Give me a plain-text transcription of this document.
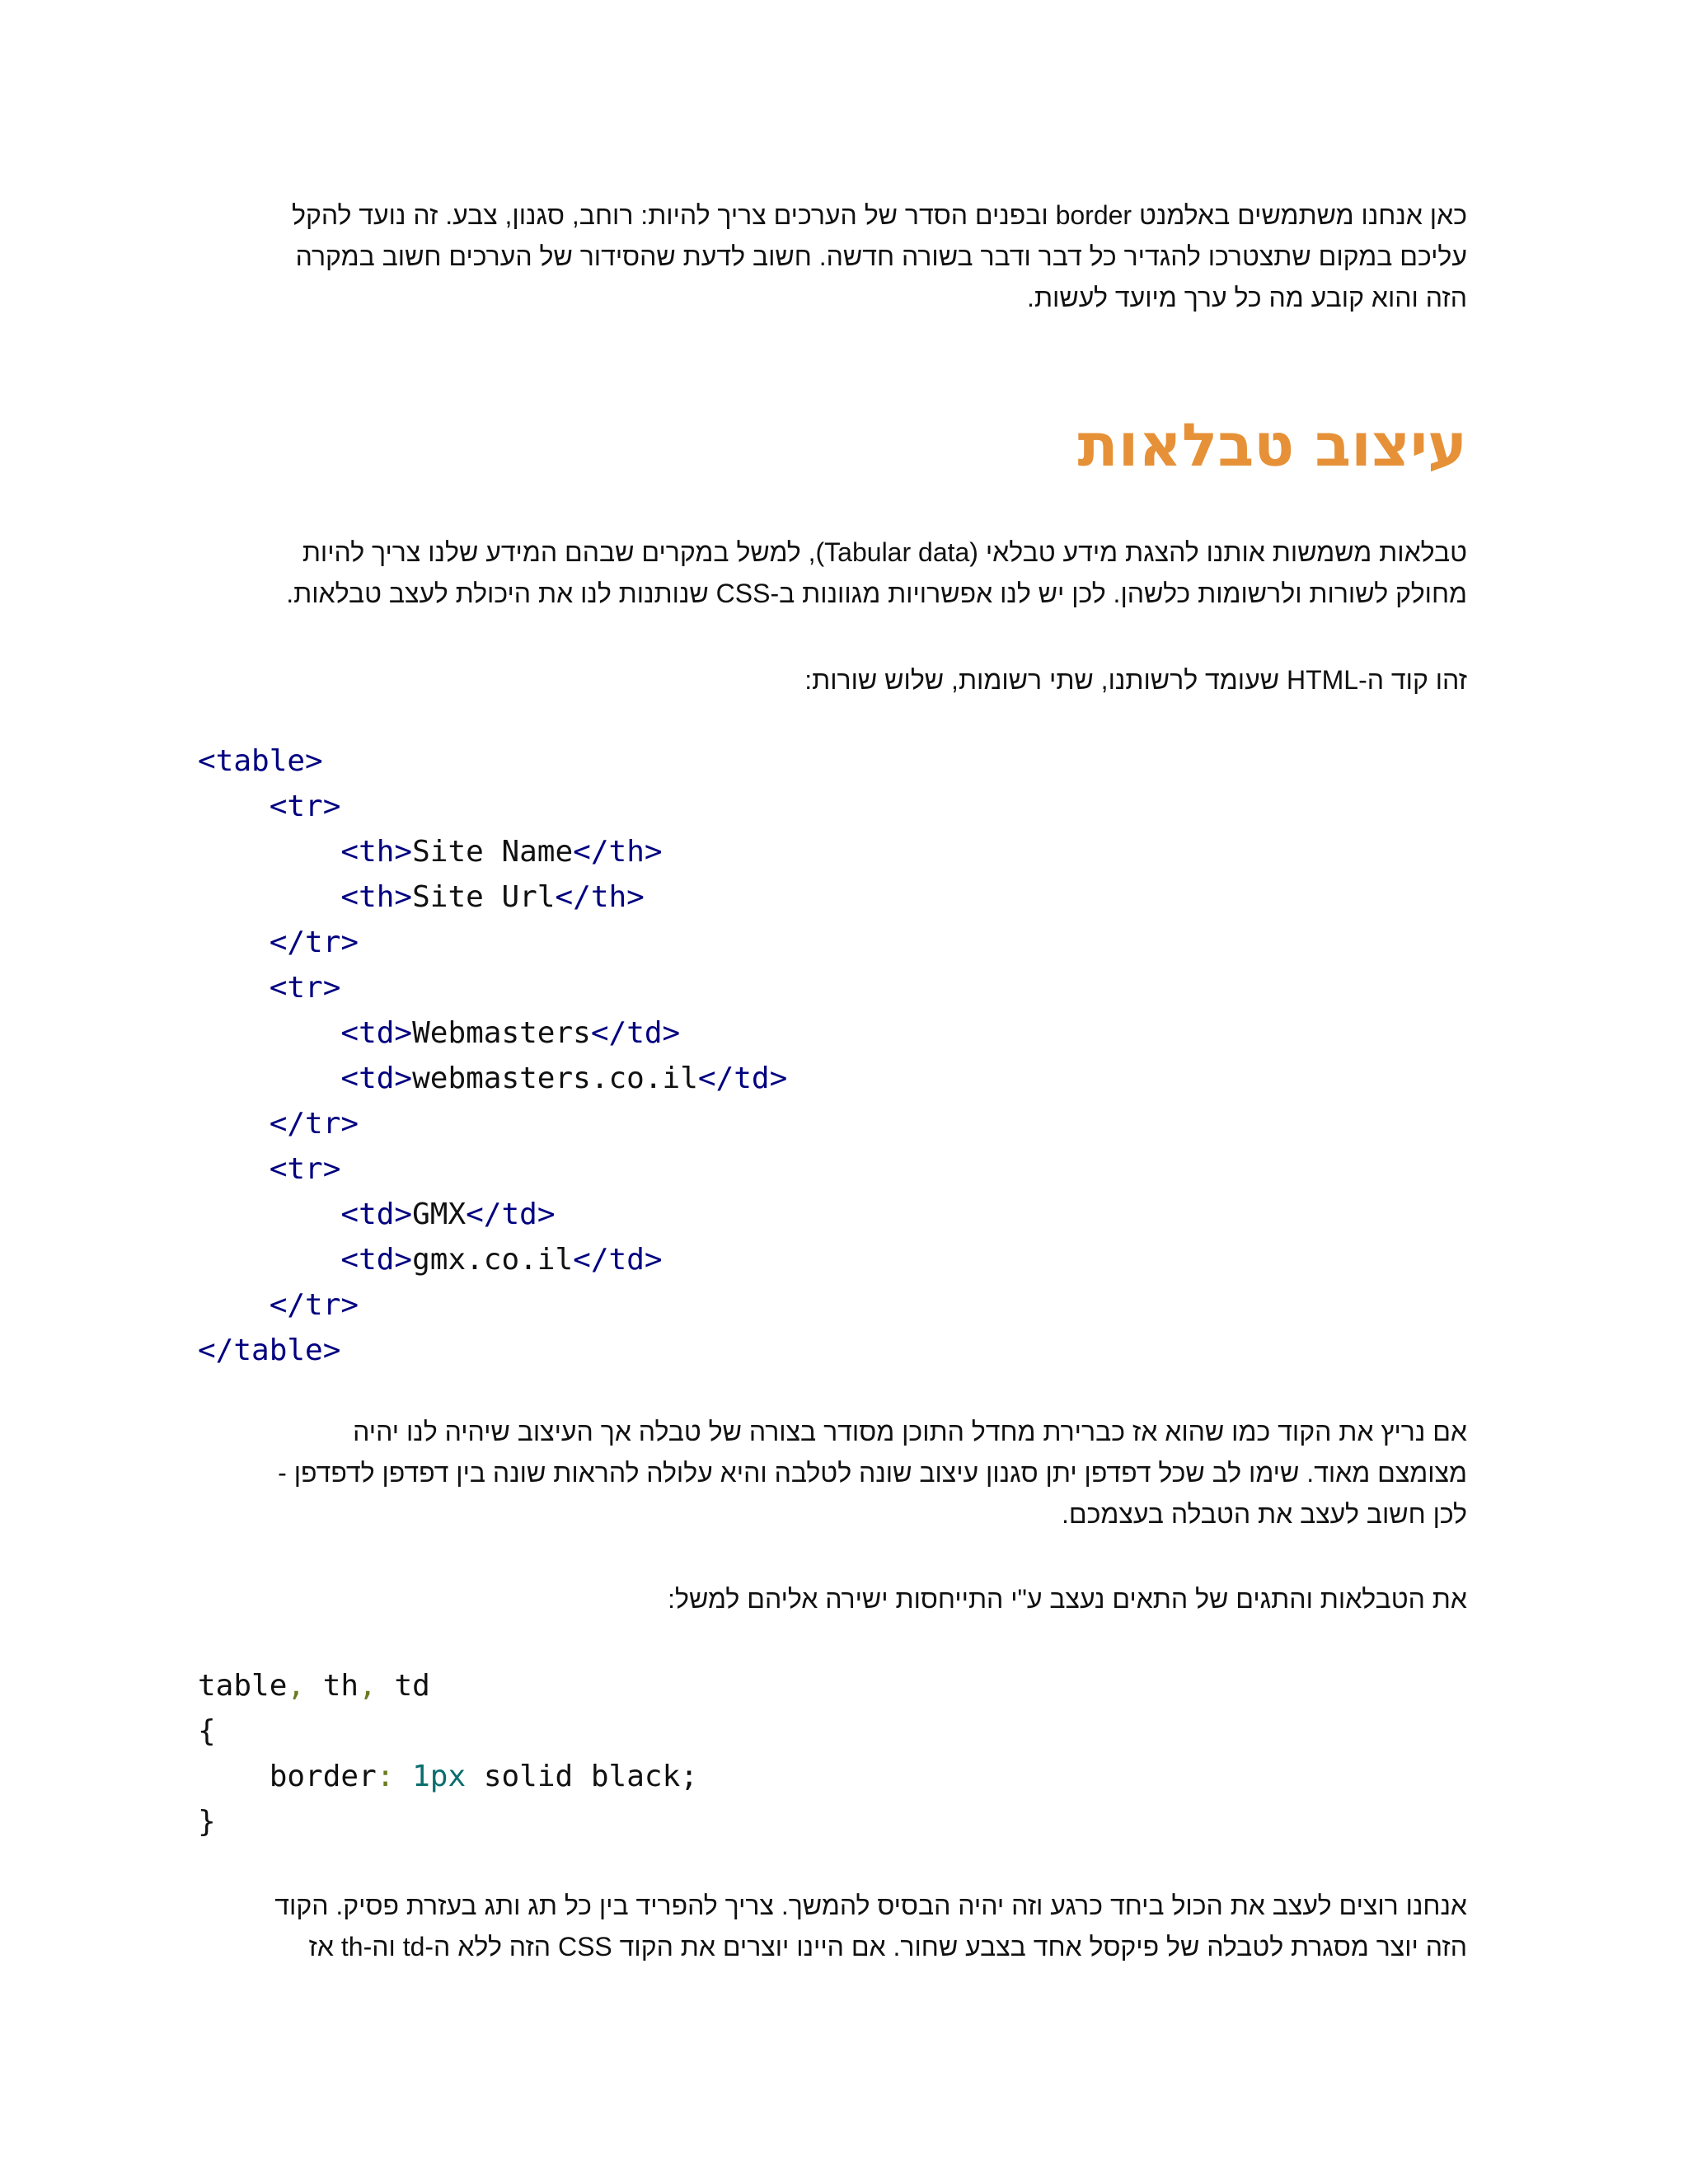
כאן אנחנו משתמשים באלמנט border ובפנים הסדר של הערכים צריך להיות: רוחב, סגנון, צבע. זה נועד להקל
עליכם במקום שתצטרכו להגדיר כל דבר ודבר בשורה חדשה. חשוב לדעת שהסידור של הערכים חשוב במקרה
הזה והוא קובע מה כל ערך מיועד לעשות.

עיצוב טבלאות

טבלאות משמשות אותנו להצגת מידע טבלאי (Tabular data), למשל במקרים שבהם המידע שלנו צריך להיות
מחולק לשורות ולרשומות כלשהן. לכן יש לנו אפשרויות מגוונות ב-CSS שנותנות לנו את היכולת לעצב טבלאות.

זהו קוד ה-HTML שעומד לרשותנו, שתי רשומות, שלוש שורות:

<table>
<tr>
<th>Site Name</th>
<th>Site Url</th>
</tr>
<tr>
<td>Webmasters</td>
<td>webmasters.co.il</td>
</tr>
<tr>
<td>GMX</td>
<td>gmx.co.il</td>
</tr>
</table>

אם נריץ את הקוד כמו שהוא אז כברירת מחדל התוכן מסודר בצורה של טבלה אך העיצוב שיהיה לנו יהיה
מצומצם מאוד. שימו לב שכל דפדפן יתן סגנון עיצוב שונה לטלבה והיא עלולה להראות שונה בין דפדפן לדפדפן -
לכן חשוב לעצב את הטבלה בעצמכם.

את הטבלאות והתגים של התאים נעצב ע"י התייחסות ישירה אליהם למשל:

table, th, td
{
border: 1px solid black;
}

אנחנו רוצים לעצב את הכול ביחד כרגע וזה יהיה הבסיס להמשך. צריך להפריד בין כל תג ותג בעזרת פסיק. הקוד
הזה יוצר מסגרת לטבלה של פיקסל אחד בצבע שחור. אם היינו יוצרים את הקוד CSS הזה ללא ה-td וה-th אז
